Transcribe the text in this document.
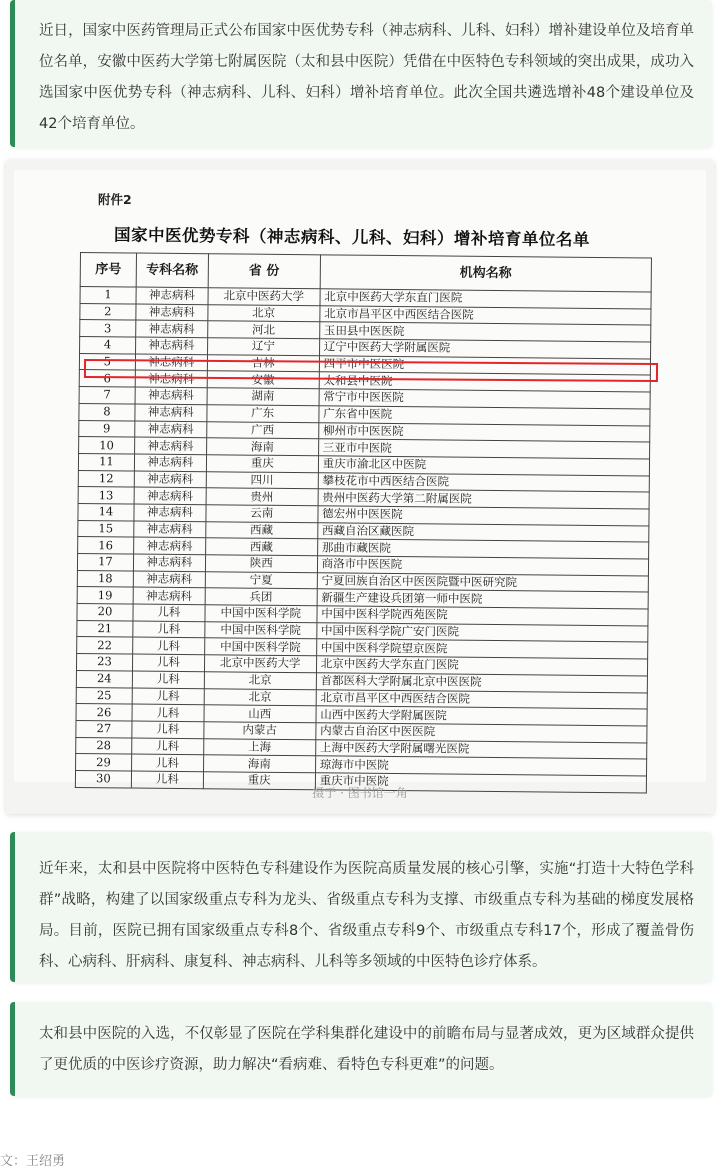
近日，国家中医药管理局正式公布国家中医优势专科（神志病科、儿科、妇科）增补建设单位及培育单位名单，安徽中医药大学第七附属医院（太和县中医院）凭借在中医特色专科领域的突出成果，成功入选国家中医优势专科（神志病科、儿科、妇科）增补培育单位。此次全国共遴选增补48个建设单位及42个培育单位。

附件2
国家中医优势专科（神志病科、儿科、妇科）增补培育单位名单
序号	专科名称	省 份	机构名称
1	神志病科	北京中医药大学	北京中医药大学东直门医院
2	神志病科	北京	北京市昌平区中西医结合医院
3	神志病科	河北	玉田县中医医院
4	神志病科	辽宁	辽宁中医药大学附属医院
5	神志病科	吉林	四平市中医医院
6	神志病科	安徽	太和县中医院
7	神志病科	湖南	常宁市中医医院
8	神志病科	广东	广东省中医院
9	神志病科	广西	柳州市中医医院
10	神志病科	海南	三亚市中医院
11	神志病科	重庆	重庆市渝北区中医院
12	神志病科	四川	攀枝花市中西医结合医院
13	神志病科	贵州	贵州中医药大学第二附属医院
14	神志病科	云南	德宏州中医医院
15	神志病科	西藏	西藏自治区藏医院
16	神志病科	西藏	那曲市藏医院
17	神志病科	陕西	商洛市中医医院
18	神志病科	宁夏	宁夏回族自治区中医医院暨中医研究院
19	神志病科	兵团	新疆生产建设兵团第一师中医院
20	儿科	中国中医科学院	中国中医科学院西苑医院
21	儿科	中国中医科学院	中国中医科学院广安门医院
22	儿科	中国中医科学院	中国中医科学院望京医院
23	儿科	北京中医药大学	北京中医药大学东直门医院
24	儿科	北京	首都医科大学附属北京中医医院
25	儿科	北京	北京市昌平区中西医结合医院
26	儿科	山西	山西中医药大学附属医院
27	儿科	内蒙古	内蒙古自治区中医医院
28	儿科	上海	上海中医药大学附属曙光医院
29	儿科	海南	琼海市中医院
30	儿科	重庆	重庆市中医院
摄于 · 图书馆一角

近年来，太和县中医院将中医特色专科建设作为医院高质量发展的核心引擎，实施“打造十大特色学科群”战略，构建了以国家级重点专科为龙头、省级重点专科为支撑、市级重点专科为基础的梯度发展格局。目前，医院已拥有国家级重点专科8个、省级重点专科9个、市级重点专科17个，形成了覆盖骨伤科、心病科、肝病科、康复科、神志病科、儿科等多领域的中医特色诊疗体系。

太和县中医院的入选，不仅彰显了医院在学科集群化建设中的前瞻布局与显著成效，更为区域群众提供了更优质的中医诊疗资源，助力解决“看病难、看特色专科更难”的问题。

文：王绍勇
